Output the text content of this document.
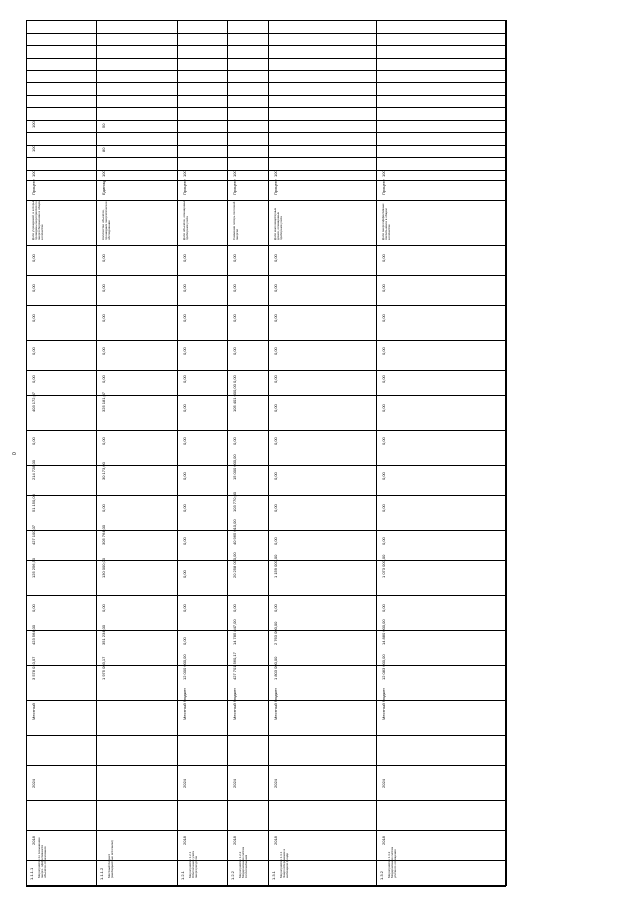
0
1.1.1.1 Мероприятие по повышению энерго- эффективности объектов образования
2018
2024
Местный
3 578 010,07
423 564,00
0,00
125 256,50
427 100,07
51 150,00
214 728,00
0,00
403 172,07
0,00
0,00
0,00
0,00
0,00
Доля учреждений, в которых проведены мероприятия по энергосбережению в общем количестве
Процент
100
100
100
1.1.1.2 Местный бюджет (внебюджетные источники)
1 975 003,17
351 234,00
0,00
130 000,00
305 764,00
0,00
30 173,00
0,00
325 181,07
0,00
0,00
0,00
0,00
0,00
Количество объектов, прошедших энергетическое обследование
Единиц
100
80
50
1.2.1 Мероприятие 1.2.1 Обеспечение учета энергоресурсов
2018
2024
Местный бюджет
12 000 000,00
0,00
0,00
0,00
0,00
0,00
0,00
0,00
0,00
0,00
0,00
0,00
0,00
0,00
Доля объектов, оснащенных приборами учета
Процент
100
1.2.2 Мероприятие 1.2.2 Модернизация систем теплоснабжения
2018
2024
Местный бюджет
427 701 560,17
14 785 847,00
0,00
20 258 000,00
40 965 010,00
103 770,00
15 000 000,00
0,00
105 401 000,00
0,00
0,00
0,00
0,00
0,00
Снижение потерь тепловой энергии
Процент
100
1.3.1 Мероприятие 1.3.1 Энергосбережение в жилищном фонде
2018
2024
Местный бюджет
1 803 000,00
2 763 000,00
0,00
1 159 000,00
0,00
0,00
0,00
0,00
0,00
0,00
0,00
0,00
0,00
0,00
Доля многоквартирных домов, оснащенных приборами учета
Процент
100
1.3.2 Мероприятие 1.3.2 Модернизация систем уличного освещения
2018
2024
Местный бюджет
12 083 000,00
14 880 000,00
0,00
1 073 000,00
0,00
0,00
0,00
0,00
0,00
0,00
0,00
0,00
0,00
0,00
Доля энергоэффективных светильников в общем количестве
Процент
100
